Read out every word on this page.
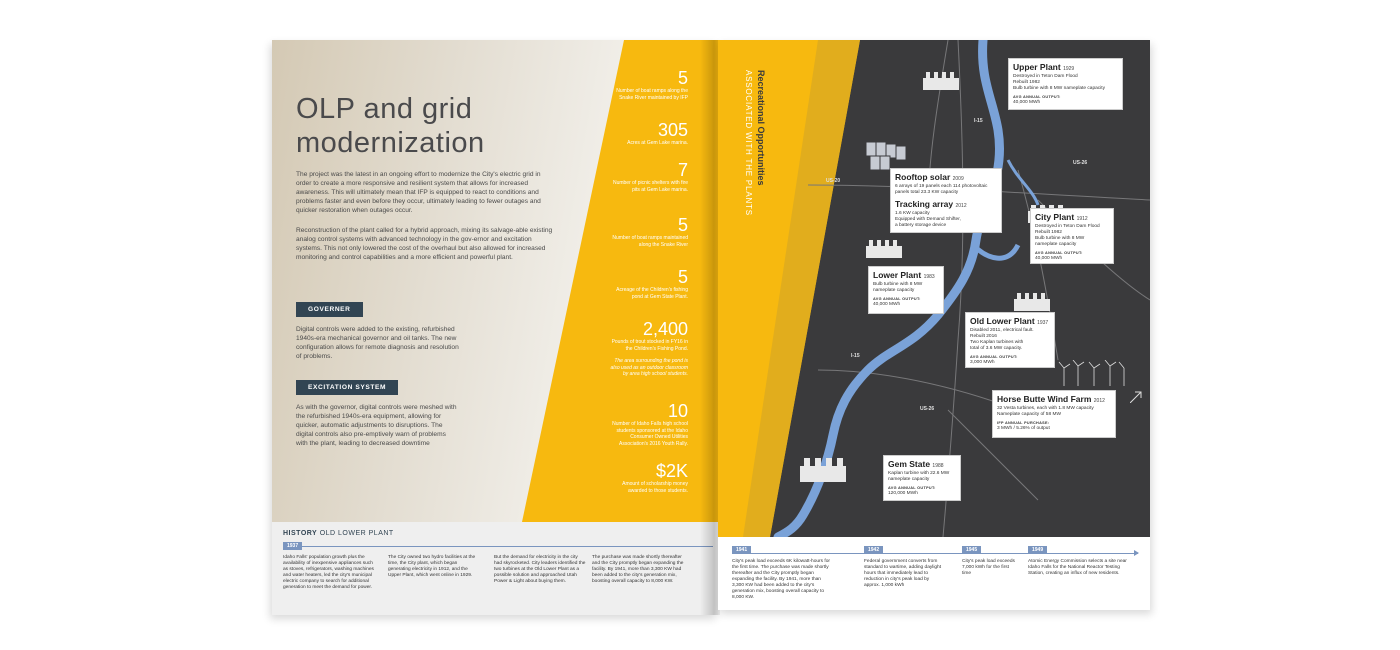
OLP and grid
modernization
The project was the latest in an ongoing effort to modernize the City's electric grid in order to create a more responsive and resilient system that allows for increased awareness. This will ultimately mean that IFP is equipped to react to conditions and problems faster and even before they occur, ultimately leading to fewer outages and quicker restoration when outages occur.
Reconstruction of the plant called for a hybrid approach, mixing its salvage-able existing analog control systems with advanced technology in the gov-ernor and excitation systems. This not only lowered the cost of the overhaul but also allowed for increased monitoring and control capabilities and a more efficient and powerful plant.
GOVERNER
Digital controls were added to the existing, refurbished 1940s-era mechanical governor and oil tanks. The new configuration allows for remote diagnosis and resolution of problems.
EXCITATION SYSTEM
As with the governor, digital controls were meshed with the refurbished 1940s-era equipment, allowing for quicker, automatic adjustments to disruptions. The digital controls also pre-emptively warn of problems with the plant, leading to decreased downtime
5
Number of boat ramps along the Snake River maintained by IFP
305
Acres at Gem Lake marina.
7
Number of picnic shelters with fire pits at Gem Lake marina.
5
Number of boat ramps maintained along the Snake River
5
Acreage of the Children's fishing pond at Gem State Plant.
2,400
Pounds of trout stocked in FY16 in the Children's Fishing Pond.
The area surrounding the pond is also used as an outdoor classroom by area high school students.
10
Number of Idaho Falls high school students sponsored at the Idaho Consumer Owned Utilities Association's 2016 Youth Rally.
$2K
Amount of scholarship money awarded to those students.
HISTORY OLD LOWER PLANT
1937
Idaho Falls' population growth plus the availability of inexpensive appliances such as stoves, refrigerators, washing machines and water heaters, led the city's municipal electric company to search for additional generation to meet the demand for power.
The City owned two hydro facilities at the time, the City plant, which began generating electricity in 1912, and the Upper Plant, which went online in 1929.
But the demand for electricity in the city had skyrocketed. City leaders identified the two turbines at the Old Lower Plant as a possible solution and approached Utah Power & Light about buying them.
The purchase was made shortly thereafter and the City promptly began expanding the facility. By 1941, more than 3,300 KW had been added to the city's generation mix, boosting overall capacity to 8,000 KW.
I-15
US-26
US-20
I-15
US-26
Recreational Opportunities
ASSOCIATED WITH THE PLANTS
Upper Plant 1929
Destroyed in Teton Dam Flood
Rebuilt 1982
Bulb turbine with 8 MW nameplate capacity
AVG ANNUAL OUTPUT:
40,000 MWh
Rooftop solar 2009
6 arrays of 19 panels each 114 photovoltaic
panels total 23.3 KW capacity
Tracking array 2012
1.6 KW capacity
Equipped with Demand Shifter,
a battery storage device
City Plant 1912
Destroyed in Teton Dam Flood
Rebuilt 1982
Bulb turbine with 8 MW
nameplate capacity
AVG ANNUAL OUTPUT:
40,000 MWh
Lower Plant 1983
Bulb turbine with 8 MW
nameplate capacity
AVG ANNUAL OUTPUT:
40,000 MWh
Old Lower Plant 1937
Disabled 2011, electrical fault.
Rebuilt 2016
Two Kaplan turbines with
total of 3.6 MW capacity.
AVG ANNUAL OUTPUT:
3,000 MWh
Horse Butte Wind Farm 2012
32 Vesta turbines, each with 1.8 MW capacity
Nameplate capacity of 58 MW
IFP ANNUAL PURCHASE:
3 MWh / 5.26% of output
Gem State 1988
Kaplan turbine with 22.6 MW
nameplate capacity
AVG ANNUAL OUTPUT:
120,000 MWh
1941
City's peak load exceeds 6K kilowatt-hours for the first time. The purchase was made shortly thereafter and the City promptly began expanding the facility. By 1941, more than 3,300 KW had been added to the city's generation mix, boosting overall capacity to 8,000 KW.
1942
Federal government converts from standard to wartime, adding daylight hours that immediately lead to reduction in city's peak load by approx. 1,000 kWh
1945
City's peak load exceeds 7,000 kWh for the first time
1949
Atomic Energy Commission selects a site near Idaho Falls for the National Reactor Testing Station, creating an influx of new residents.
